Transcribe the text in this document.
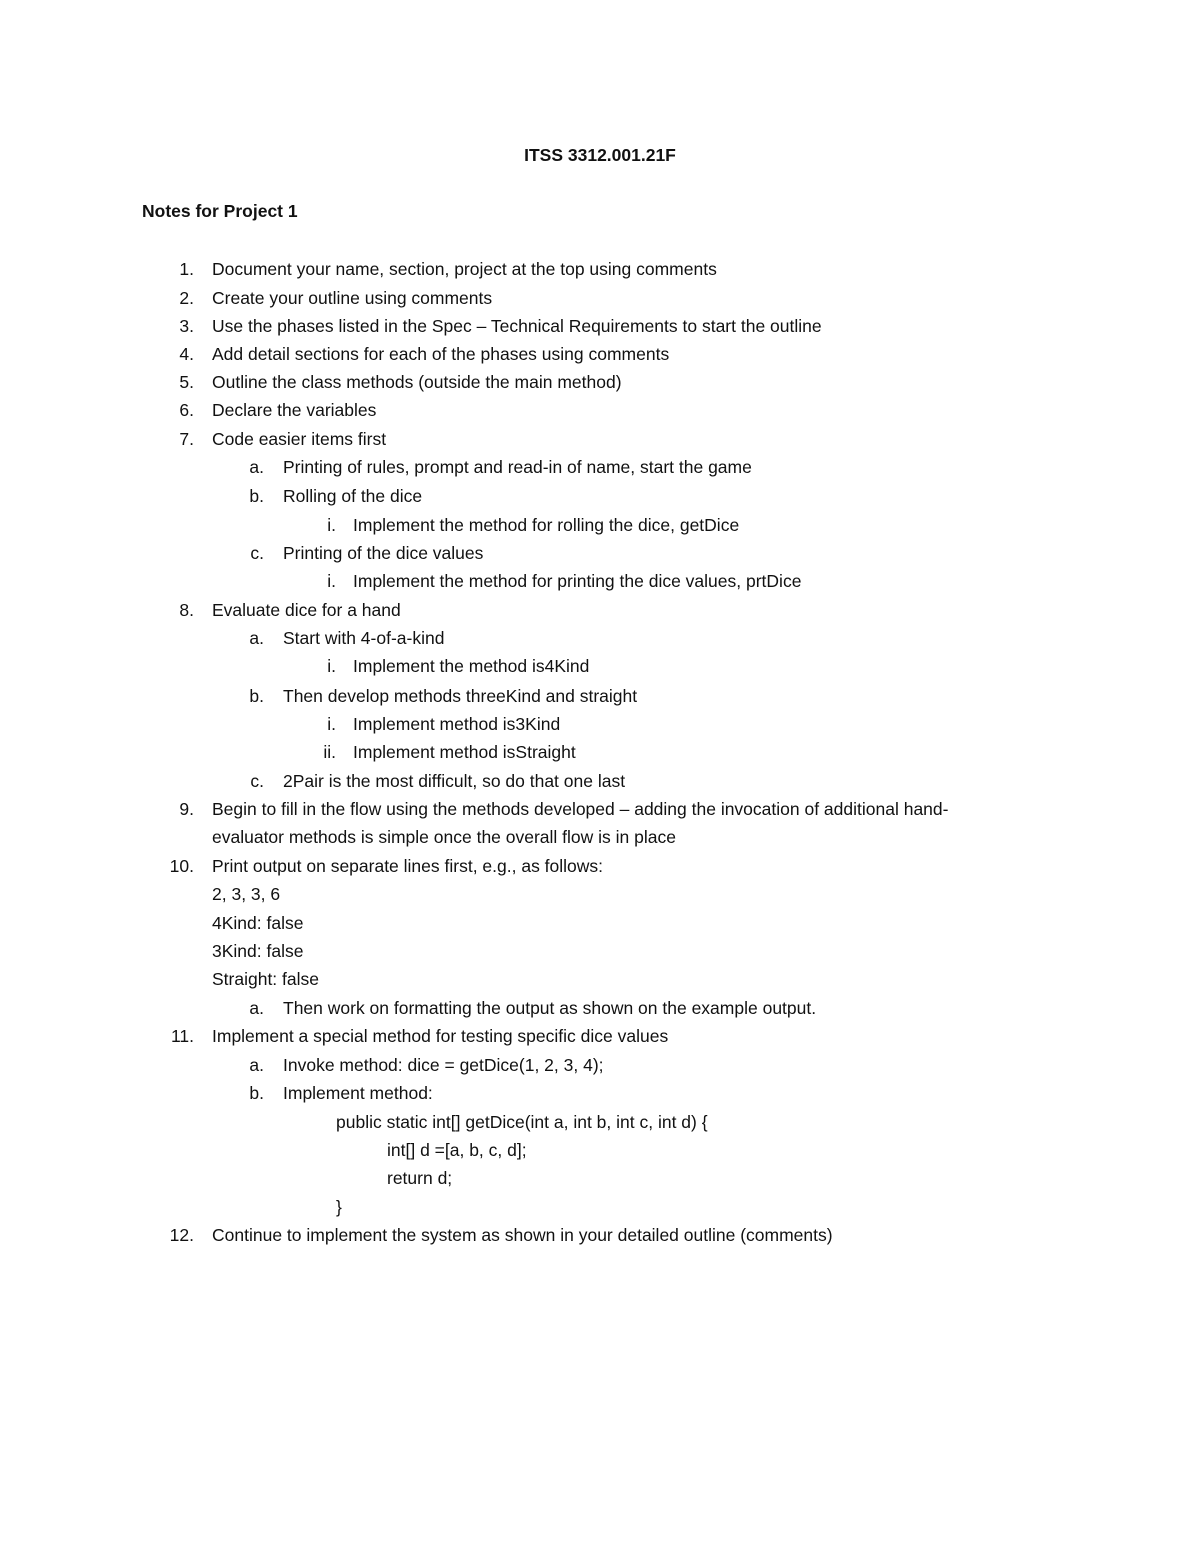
ITSS 3312.001.21F
Notes for Project 1
1. Document your name, section, project at the top using comments
2. Create your outline using comments
3. Use the phases listed in the Spec – Technical Requirements to start the outline
4. Add detail sections for each of the phases using comments
5. Outline the class methods (outside the main method)
6. Declare the variables
7. Code easier items first
a. Printing of rules, prompt and read-in of name, start the game
b. Rolling of the dice
i. Implement the method for rolling the dice, getDice
c. Printing of the dice values
i. Implement the method for printing the dice values, prtDice
8. Evaluate dice for a hand
a. Start with 4-of-a-kind
i. Implement the method is4Kind
b. Then develop methods threeKind and straight
i. Implement method is3Kind
ii. Implement method isStraight
c. 2Pair is the most difficult, so do that one last
9. Begin to fill in the flow using the methods developed – adding the invocation of additional hand-
evaluator methods is simple once the overall flow is in place
10. Print output on separate lines first, e.g., as follows:
2, 3, 3, 6
4Kind: false
3Kind: false
Straight: false
a. Then work on formatting the output as shown on the example output.
11. Implement a special method for testing specific dice values
a. Invoke method: dice = getDice(1, 2, 3, 4);
b. Implement method:
public static int[] getDice(int a, int b, int c, int d) {
int[] d =[a, b, c, d];
return d;
}
12. Continue to implement the system as shown in your detailed outline (comments)
